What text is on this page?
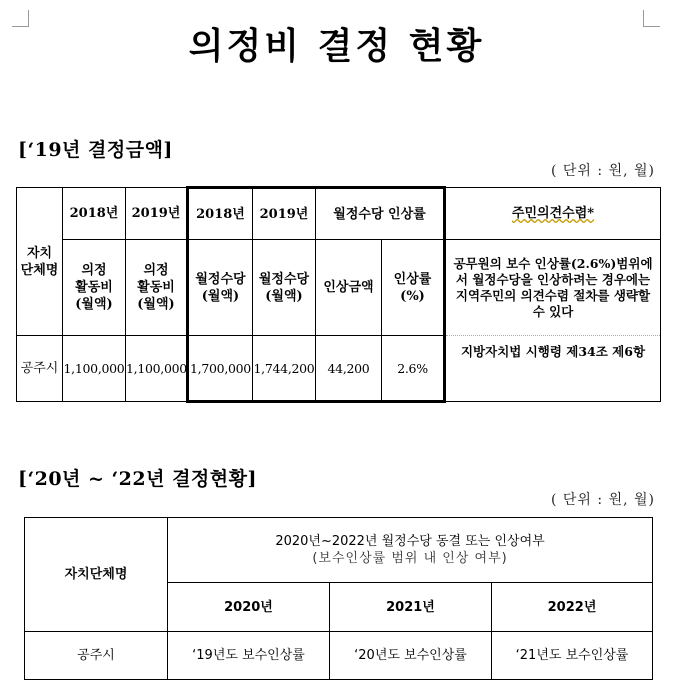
의정비 결정 현황
[‘19년 결정금액]
( 단위 : 원, 월)
자치
단체명	2018년	2019년	2018년	2019년	월정수당 인상률		주민의견수렴*
	의정
활동비
(월액)	의정
활동비
(월액)	월정수당
(월액)	월정수당
(월액)	인상금액	인상률
(%)	공무원의 보수 인상률(2.6%)범위에서 월정수당을 인상하려는 경우에는 지역주민의 의견수렴 절차를 생략할 수 있다
공주시	1,100,000	1,100,000	1,700,000	1,744,200	44,200	2.6%	지방자치법 시행령 제34조 제6항
[‘20년 ~ ‘22년 결정현황]
( 단위 : 원, 월)
자치단체명	2020년~2022년 월정수당 동결 또는 인상여부
(보수인상률 범위 내 인상 여부)		

	2020년	2021년	2022년
공주시	‘19년도 보수인상률	‘20년도 보수인상률	‘21년도 보수인상률
